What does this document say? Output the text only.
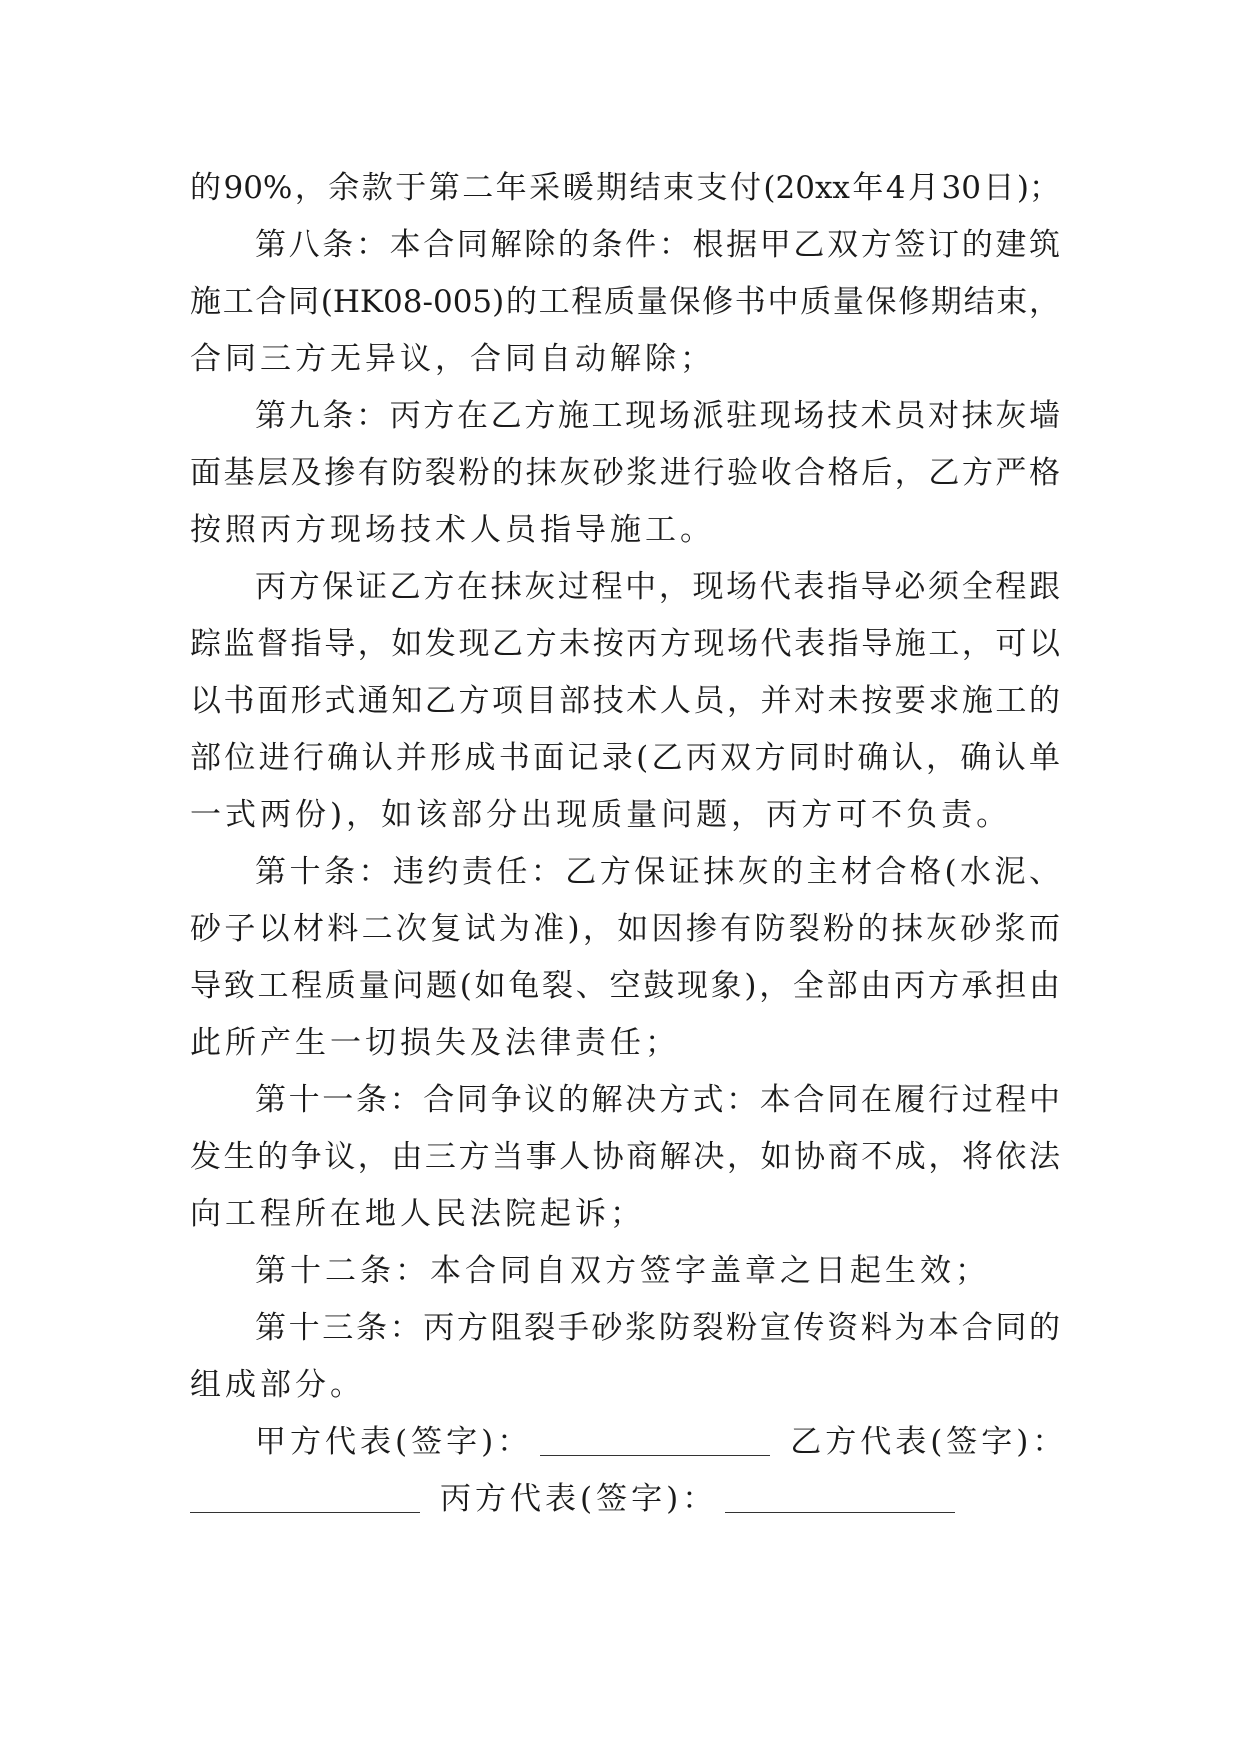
的90%，余款于第二年采暖期结束支付(20xx年4月30日)；
第八条：本合同解除的条件：根据甲乙双方签订的建筑
施工合同(HK08-005)的工程质量保修书中质量保修期结束，
合同三方无异议，合同自动解除；
第九条：丙方在乙方施工现场派驻现场技术员对抹灰墙
面基层及掺有防裂粉的抹灰砂浆进行验收合格后，乙方严格
按照丙方现场技术人员指导施工。
丙方保证乙方在抹灰过程中，现场代表指导必须全程跟
踪监督指导，如发现乙方未按丙方现场代表指导施工，可以
以书面形式通知乙方项目部技术人员，并对未按要求施工的
部位进行确认并形成书面记录(乙丙双方同时确认，确认单
一式两份)，如该部分出现质量问题，丙方可不负责。
第十条：违约责任：乙方保证抹灰的主材合格(水泥、
砂子以材料二次复试为准)，如因掺有防裂粉的抹灰砂浆而
导致工程质量问题(如龟裂、空鼓现象)，全部由丙方承担由
此所产生一切损失及法律责任；
第十一条：合同争议的解决方式：本合同在履行过程中
发生的争议，由三方当事人协商解决，如协商不成，将依法
向工程所在地人民法院起诉；
第十二条：本合同自双方签字盖章之日起生效；
第十三条：丙方阻裂手砂浆防裂粉宣传资料为本合同的
组成部分。
甲方代表(签字)：	乙方代表(签字)：
丙方代表(签字)：
